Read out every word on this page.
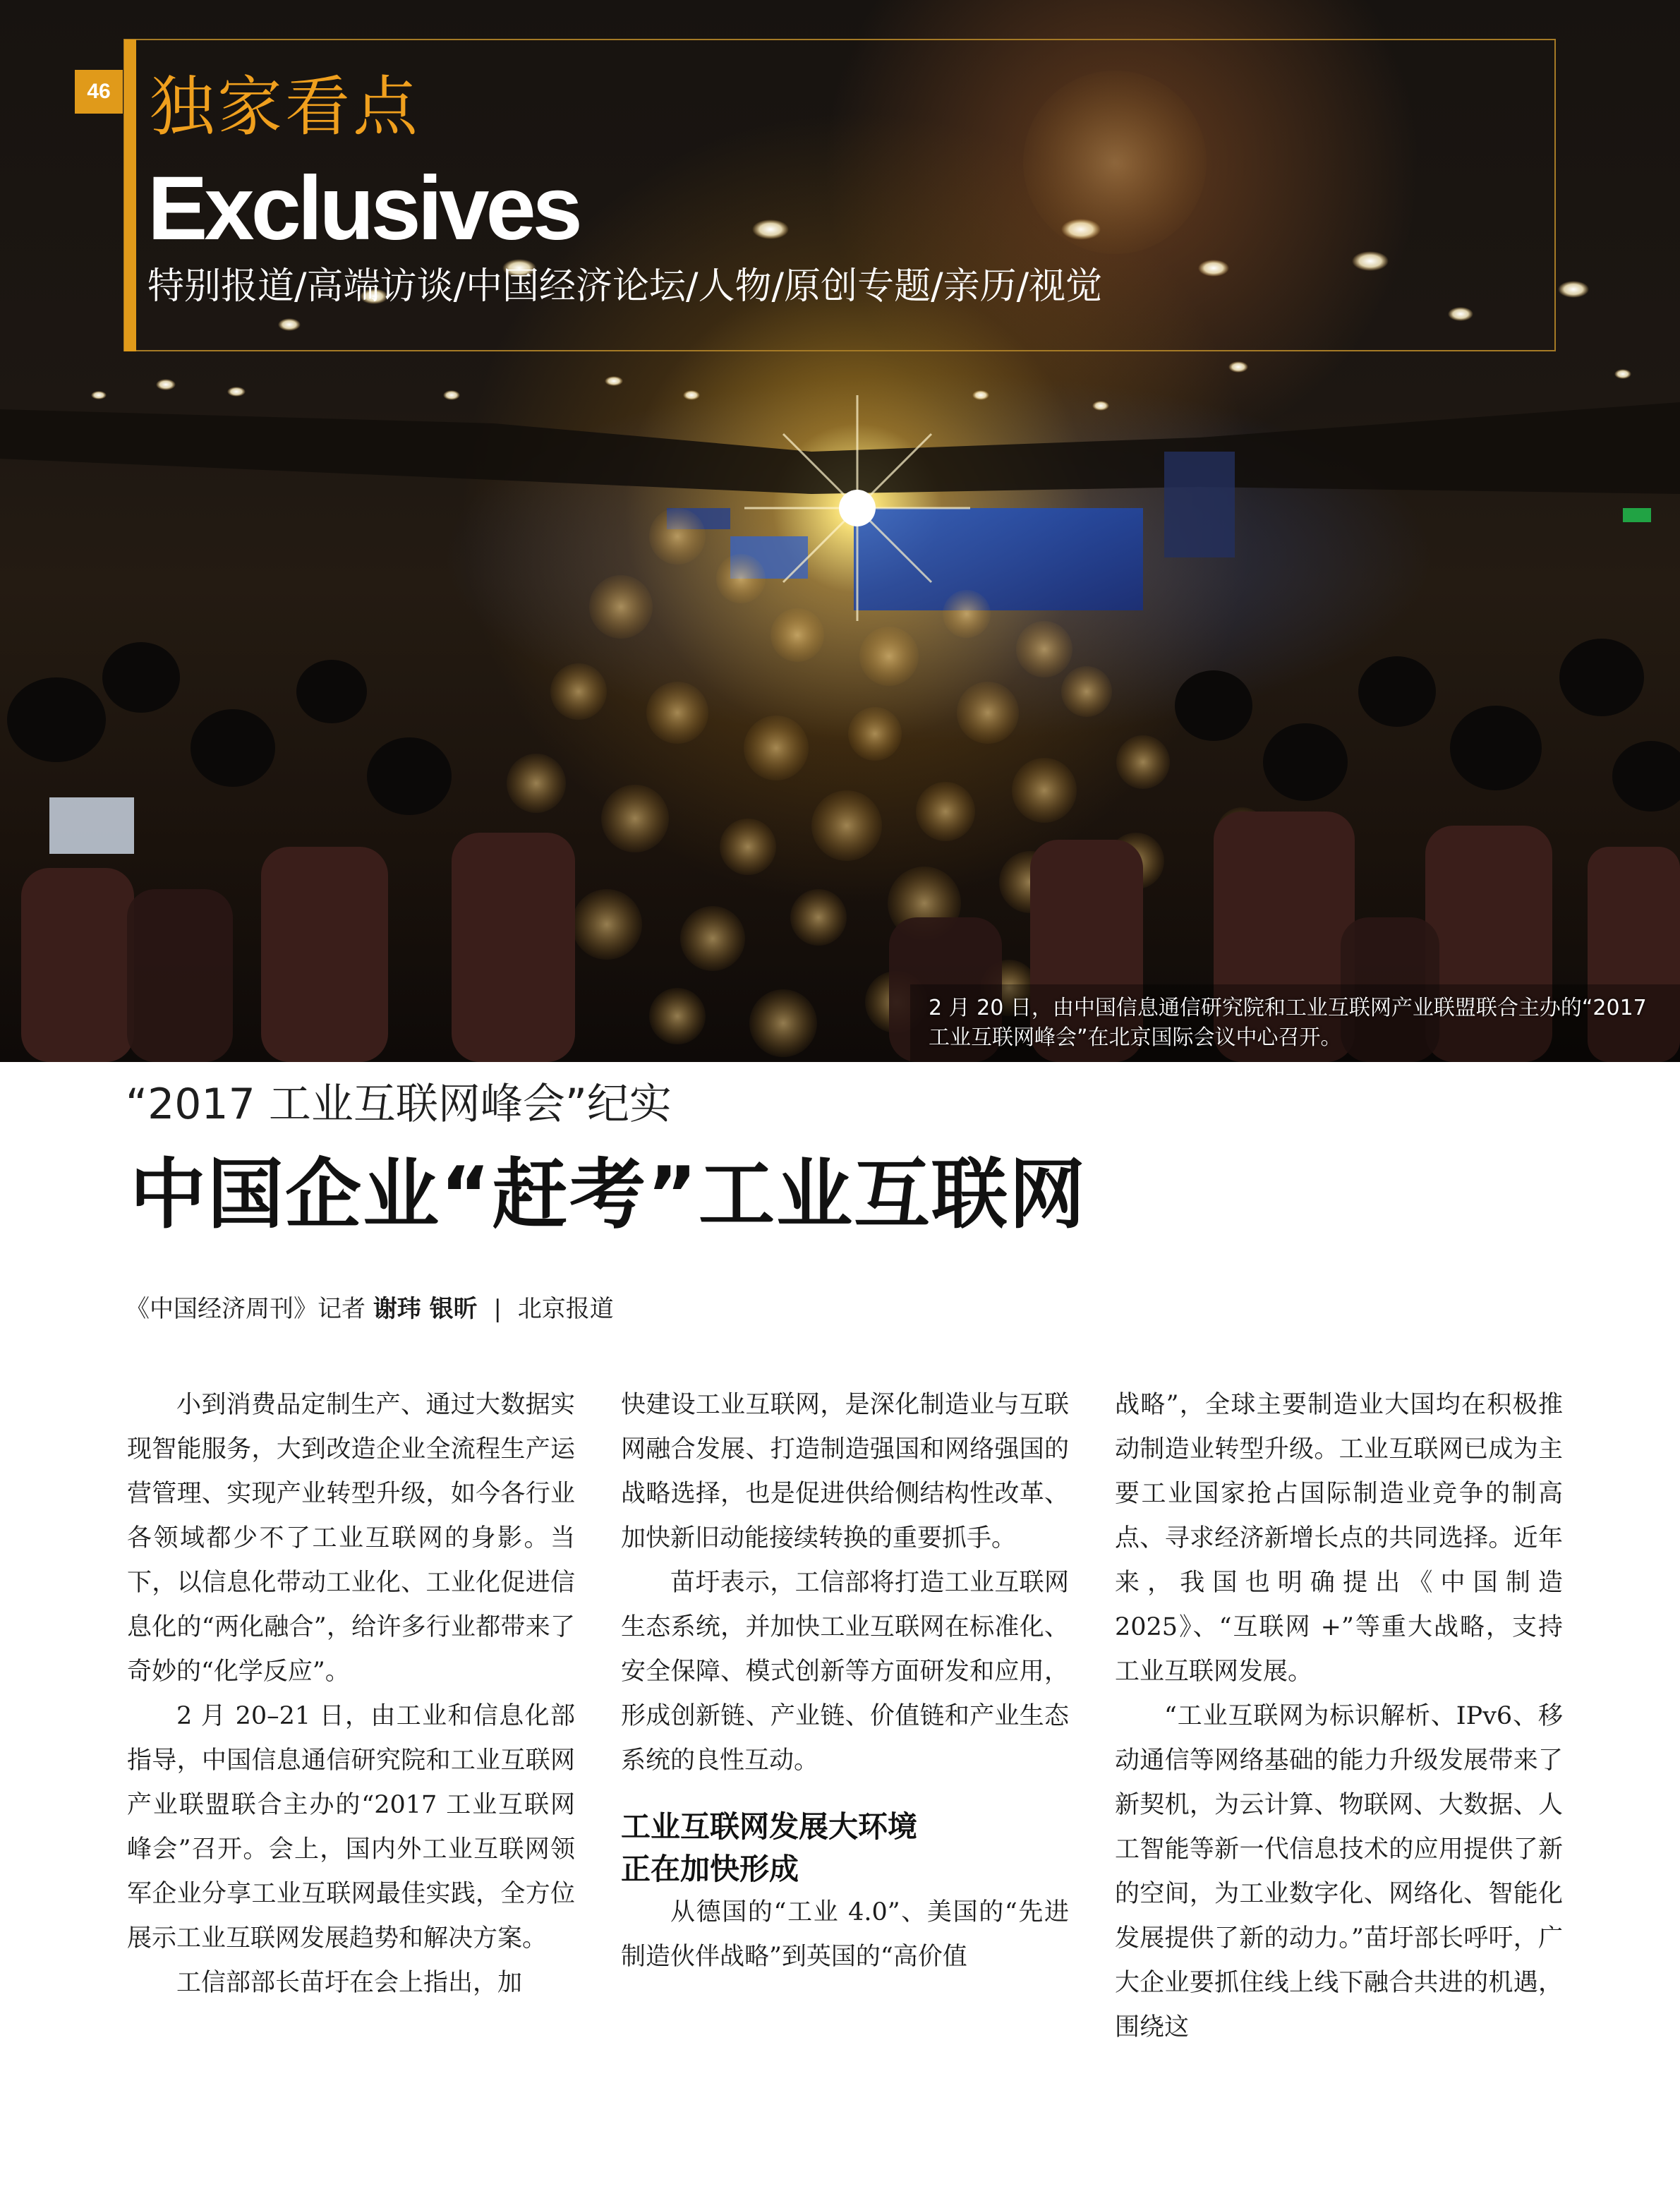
46 独家看点
Exclusives
特别报道/高端访谈/中国经济论坛/人物/原创专题/亲历/视觉
2 月 20 日，由中国信息通信研究院和工业互联网产业联盟联合主办的“2017 工业互联网峰会”在北京国际会议中心召开。
“2017 工业互联网峰会”纪实
中国企业“赶考”工业互联网
《中国经济周刊》记者 谢玮 银昕 | 北京报道

小到消费品定制生产、通过大数据实现智能服务，大到改造企业全流程生产运营管理、实现产业转型升级，如今各行业各领域都少不了工业互联网的身影。当下，以信息化带动工业化、工业化促进信息化的“两化融合”，给许多行业都带来了奇妙的“化学反应”。

2 月 20–21 日，由工业和信息化部指导，中国信息通信研究院和工业互联网产业联盟联合主办的“2017 工业互联网峰会”召开。会上，国内外工业互联网领军企业分享工业互联网最佳实践，全方位展示工业互联网发展趋势和解决方案。

工信部部长苗圩在会上指出，加

快建设工业互联网，是深化制造业与互联网融合发展、打造制造强国和网络强国的战略选择，也是促进供给侧结构性改革、加快新旧动能接续转换的重要抓手。

苗圩表示，工信部将打造工业互联网生态系统，并加快工业互联网在标准化、安全保障、模式创新等方面研发和应用，形成创新链、产业链、价值链和产业生态系统的良性互动。

工业互联网发展大环境
正在加快形成

从德国的“工业 4.0”、美国的“先进制造伙伴战略”到英国的“高价值

战略”，全球主要制造业大国均在积极推动制造业转型升级。工业互联网已成为主要工业国家抢占国际制造业竞争的制高点、寻求经济新增长点的共同选择。近年来，我国也明确提出《中国制造 2025》、“互联网 +”等重大战略，支持工业互联网发展。

“工业互联网为标识解析、IPv6、移动通信等网络基础的能力升级发展带来了新契机，为云计算、物联网、大数据、人工智能等新一代信息技术的应用提供了新的空间，为工业数字化、网络化、智能化发展提供了新的动力。”苗圩部长呼吁，广大企业要抓住线上线下融合共进的机遇，围绕这
